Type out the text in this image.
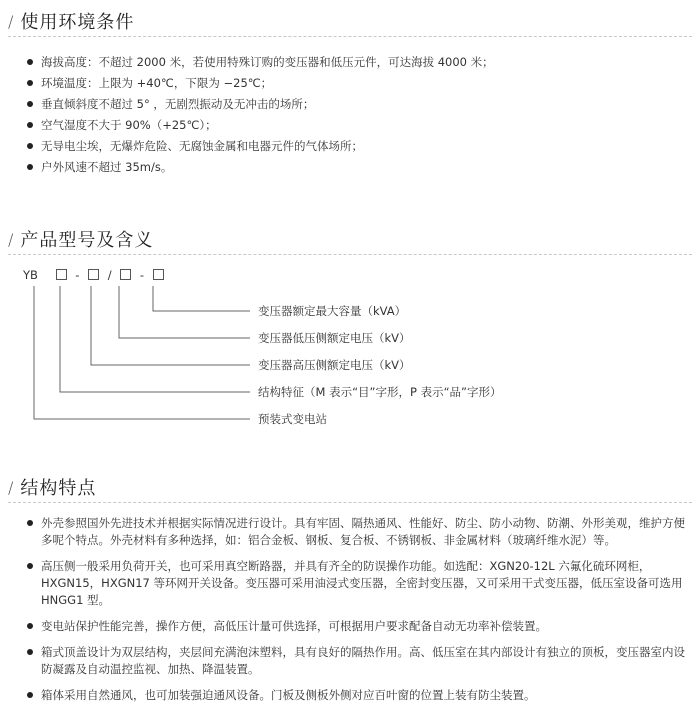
/ 使用环境条件
海拔高度：不超过 2000 米，若使用特殊订购的变压器和低压元件，可达海拔 4000 米；
环境温度：上限为 +40℃，下限为 −25℃；
垂直倾斜度不超过 5° ，无剧烈振动及无冲击的场所；
空气湿度不大于 90%（+25℃）；
无导电尘埃，无爆炸危险、无腐蚀金属和电器元件的气体场所；
户外风速不超过 35m/s。
/ 产品型号及含义
YB	- / -
变压器额定最大容量（kVA）
变压器低压侧额定电压（kV）
变压器高压侧额定电压（kV）
结构特征（M 表示“目”字形，P 表示“品”字形）
预装式变电站
/ 结构特点
外壳参照国外先进技术并根据实际情况进行设计。具有牢固、隔热通风、性能好、防尘、防小动物、防潮、外形美观，维护方便多呢个特点。外壳材料有多种选择，如：铝合金板、钢板、复合板、不锈钢板、非金属材料（玻璃纤维水泥）等。
高压侧一般采用负荷开关，也可采用真空断路器，并具有齐全的防误操作功能。如选配：XGN20-12L 六氟化硫环网柜，HXGN15，HXGN17 等环网开关设备。变压器可采用油浸式变压器，全密封变压器，又可采用干式变压器，低压室设备可选用 HNGG1 型。
变电站保护性能完善，操作方便，高低压计量可供选择，可根据用户要求配备自动无功率补偿装置。
箱式顶盖设计为双层结构，夹层间充满泡沫塑料，具有良好的隔热作用。高、低压室在其内部设计有独立的顶板，变压器室内设防凝露及自动温控监视、加热、降温装置。
箱体采用自然通风，也可加装强迫通风设备。门板及侧板外侧对应百叶窗的位置上装有防尘装置。
